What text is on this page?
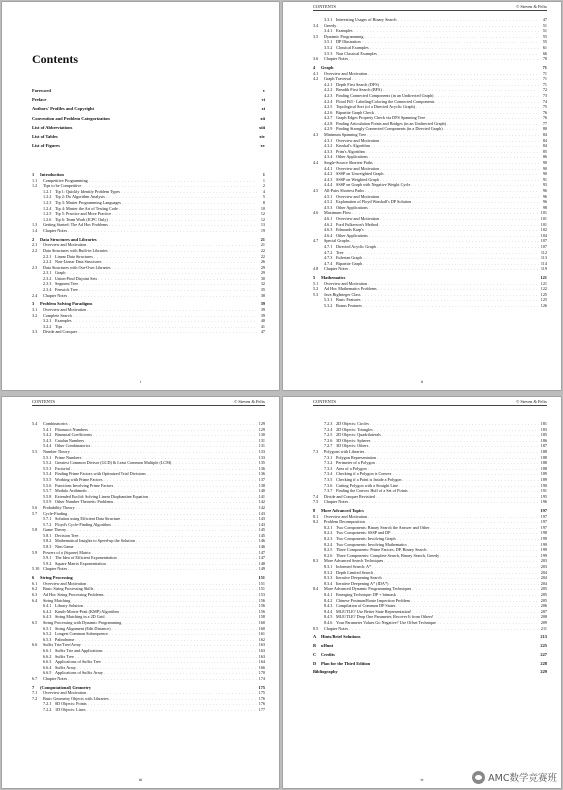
Contents
Foreword	v
Preface	vi
Authors' Profiles and Copyright	xi
Convention and Problem Categorization	xii
List of Abbreviations	xiii
List of Tables	xiv
List of Figures	xv
1	Introduction	1
1.1	Competitive Programming . . .	1
1.2	Tips to be Competitive . . .	2
1.2.1 Tip 1: Quickly Identify Problem Types . . .	4
1.2.2 Tip 2: Do Algorithm Analysis . . .	5
1.2.3 Tip 3: Master Programming Languages . . .	8
1.2.4 Tip 4: Master the Art of Testing Code . . .	10
1.2.5 Tip 5: Practice and More Practice . . .	12
1.2.6 Tip 6: Team Work (ICPC Only) . . .	12
1.3	Getting Started: The Ad Hoc Problems . . .	13
1.4	Chapter Notes . . .	19
2	Data Structures and Libraries	21
2.1	Overview and Motivation . . .	21
2.2	Data Structures with Built-in Libraries . . .	22
2.2.1 Linear Data Structures . . .	22
2.2.2 Non-Linear Data Structures . . .	26
2.3	Data Structures with Our-Own Libraries . . .	29
2.3.1 Graph . . .	29
2.3.2 Union-Find Disjoint Sets . . .	30
2.3.3 Segment Tree . . .	32
2.3.4 Fenwick Tree . . .	35
2.4	Chapter Notes . . .	38
3	Problem Solving Paradigms	39
3.1	Overview and Motivation . . .	39
3.2	Complete Search . . .	39
3.2.1 Examples . . .	40
3.2.2 Tips . . .	41
3.3	Divide and Conquer . . .	47
i
CONTENTS	© Steven & Felix
3.3.1 Interesting Usages of Binary Search . . .	47
3.4	Greedy . . .	51
3.4.1 Examples . . .	51
3.5	Dynamic Programming . . .	55
3.5.1 DP Illustration . . .	55
3.5.2 Classical Examples . . .	61
3.5.3 Non Classical Examples . . .	66
3.6	Chapter Notes . . .	70
4	Graph	71
4.1	Overview and Motivation . . .	71
4.2	Graph Traversal . . .	71
4.2.1 Depth First Search (DFS) . . .	71
4.2.2 Breadth First Search (BFS) . . .	72
4.2.3 Finding Connected Components (in an Undirected Graph) . . .	73
4.2.4 Flood Fill - Labeling/Coloring the Connected Components . . .	74
4.2.5 Topological Sort (of a Directed Acyclic Graph) . . .	75
4.2.6 Bipartite Graph Check . . .	76
4.2.7 Graph Edges Property Check via DFS Spanning Tree . . .	76
4.2.8 Finding Articulation Points and Bridges (in an Undirected Graph) . . .	77
4.2.9 Finding Strongly Connected Components (in a Directed Graph) . . .	80
4.3	Minimum Spanning Tree . . .	84
4.3.1 Overview and Motivation . . .	84
4.3.2 Kruskal's Algorithm . . .	84
4.3.3 Prim's Algorithm . . .	85
4.3.4 Other Applications . . .	86
4.4	Single-Source Shortest Paths . . .	90
4.4.1 Overview and Motivation . . .	90
4.4.2 SSSP on Unweighted Graph . . .	90
4.4.3 SSSP on Weighted Graph . . .	91
4.4.4 SSSP on Graph with Negative Weight Cycle . . .	93
4.5	All-Pairs Shortest Paths . . .	96
4.5.1 Overview and Motivation . . .	96
4.5.2 Explanation of Floyd Warshall's DP Solution . . .	96
4.5.3 Other Applications . . .	98
4.6	Maximum Flow . . .	101
4.6.1 Overview and Motivation . . .	101
4.6.2 Ford Fulkerson's Method . . .	101
4.6.3 Edmonds Karp's . . .	102
4.6.4 Other Applications . . .	104
4.7	Special Graphs . . .	107
4.7.1 Directed Acyclic Graph . . .	107
4.7.2 Tree . . .	112
4.7.3 Eulerian Graph . . .	113
4.7.4 Bipartite Graph . . .	114
4.8	Chapter Notes . . .	119
5	Mathematics	121
5.1	Overview and Motivation . . .	121
5.2	Ad Hoc Mathematics Problems . . .	122
5.3	Java BigInteger Class . . .	125
5.3.1 Basic Features . . .	125
5.3.2 Bonus Features . . .	126
ii
CONTENTS	© Steven & Felix
5.4	Combinatorics . . .	129
5.4.1 Fibonacci Numbers . . .	129
5.4.2 Binomial Coefficients . . .	130
5.4.3 Catalan Numbers . . .	131
5.4.4 Other Combinatorics . . .	131
5.5	Number Theory . . .	133
5.5.1 Prime Numbers . . .	133
5.5.2 Greatest Common Divisor (GCD) & Least Common Multiple (LCM) . . .	135
5.5.3 Factorial . . .	136
5.5.4 Finding Prime Factors with Optimized Trial Divisions . . .	136
5.5.5 Working with Prime Factors . . .	137
5.5.6 Functions Involving Prime Factors . . .	138
5.5.7 Modulo Arithmetic . . .	140
5.5.8 Extended Euclid: Solving Linear Diophantine Equation . . .	141
5.5.9 Other Number Theoretic Problems . . .	142
5.6	Probability Theory . . .	142
5.7	Cycle-Finding . . .	143
5.7.1 Solution using Efficient Data Structure . . .	143
5.7.2 Floyd's Cycle-Finding Algorithm . . .	143
5.8	Game Theory . . .	145
5.8.1 Decision Tree . . .	145
5.8.2 Mathematical Insights to Speed-up the Solution . . .	146
5.8.3 Nim Game . . .	146
5.9	Powers of a (Square) Matrix . . .	147
5.9.1 The Idea of Efficient Exponentiation . . .	147
5.9.2 Square Matrix Exponentiation . . .	148
5.10 Chapter Notes . . .	149
6	String Processing	151
6.1	Overview and Motivation . . .	151
6.2	Basic String Processing Skills . . .	151
6.3	Ad Hoc String Processing Problems . . .	153
6.4	String Matching . . .	156
6.4.1 Library Solution . . .	156
6.4.2 Knuth-Morris-Pratt (KMP) Algorithm . . .	156
6.4.3 String Matching in a 2D Grid . . .	158
6.5	String Processing with Dynamic Programming . . .	160
6.5.1 String Alignment (Edit Distance) . . .	160
6.5.2 Longest Common Subsequence . . .	161
6.5.3 Palindrome . . .	162
6.6	Suffix Trie/Tree/Array . . .	163
6.6.1 Suffix Trie and Applications . . .	163
6.6.2 Suffix Tree . . .	163
6.6.3 Applications of Suffix Tree . . .	164
6.6.4 Suffix Array . . .	166
6.6.5 Applications of Suffix Array . . .	170
6.7	Chapter Notes . . .	174
7	(Computational) Geometry	175
7.1	Overview and Motivation . . .	175
7.2	Basic Geometry Objects with Libraries . . .	176
7.2.1 0D Objects: Points . . .	176
7.2.2 1D Objects: Lines . . .	177
iii
CONTENTS	© Steven & Felix
7.2.3 2D Objects: Circles . . .	181
7.2.4 2D Objects: Triangles . . .	183
7.2.5 2D Objects: Quadrilaterals . . .	185
7.2.6 3D Objects: Spheres . . .	186
7.2.7 3D Objects: Others . . .	187
7.3	Polygons with Libraries . . .	188
7.3.1 Polygon Representation . . .	188
7.3.2 Perimeter of a Polygon . . .	188
7.3.3 Area of a Polygon . . .	188
7.3.4 Checking if a Polygon is Convex . . .	189
7.3.5 Checking if a Point is Inside a Polygon . . .	189
7.3.6 Cutting Polygon with a Straight Line . . .	190
7.3.7 Finding the Convex Hull of a Set of Points . . .	191
7.4	Divide and Conquer Revisited . . .	195
7.5	Chapter Notes . . .	196
8	More Advanced Topics	197
8.1	Overview and Motivation . . .	197
8.2	Problem Decomposition . . .	197
8.2.1 Two Components: Binary Search the Answer and Other . . .	197
8.2.2 Two Components: SSSP and DP . . .	198
8.2.3 Two Components: Involving Graph . . .	199
8.2.4 Two Components: Involving Mathematics . . .	199
8.2.5 Three Components: Prime Factors, DP, Binary Search . . .	199
8.2.6 Three Components: Complete Search, Binary Search, Greedy . . .	199
8.3	More Advanced Search Techniques . . .	203
8.3.1 Informed Search: A* . . .	203
8.3.2 Depth Limited Search . . .	204
8.3.3 Iterative Deepening Search . . .	204
8.3.4 Iterative Deepening A* (IDA*) . . .	204
8.4	More Advanced Dynamic Programming Techniques . . .	205
8.4.1 Emerging Technique: DP + bitmask . . .	205
8.4.2 Chinese Postman/Route Inspection Problem . . .	205
8.4.3 Compilation of Common DP States . . .	206
8.4.4 MLE/TLE? Use Better State Representation! . . .	207
8.4.5 MLE/TLE? Drop One Parameter, Recover It from Others! . . .	208
8.4.6 Your Parameter Values Go Negative? Use Offset Technique . . .	209
8.5	Chapter Notes . . .	211
A	Hints/Brief Solutions	213
B	uHunt	225
C	Credits	227
D	Plan for the Third Edition	228
Bibliography	229
iv	AMC数学竞赛班
